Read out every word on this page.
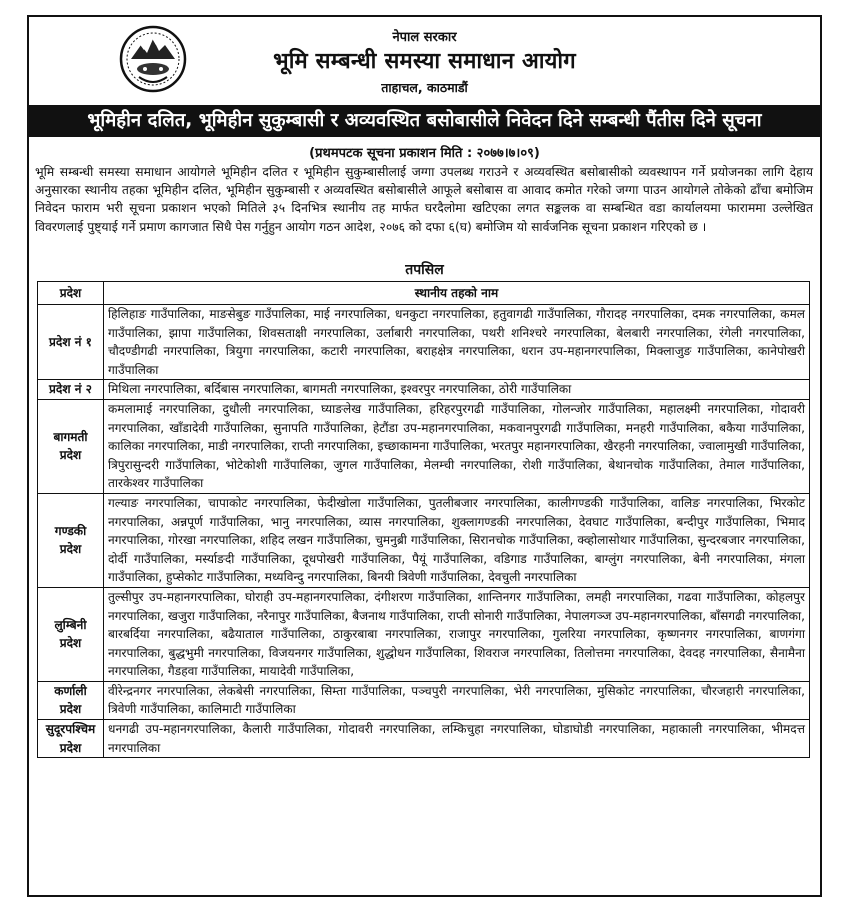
नेपाल सरकार
भूमि सम्बन्धी समस्या समाधान आयोग
ताहाचल, काठमाडौं
भूमिहीन दलित, भूमिहीन सुकुम्बासी र अव्यवस्थित बसोबासीले निवेदन दिने सम्बन्धी पैंतीस दिने सूचना
(प्रथमपटक सूचना प्रकाशन मिति : २०७७।७।०९)
भूमि सम्बन्धी समस्या समाधान आयोगले भूमिहीन दलित र भूमिहीन सुकुम्बासीलाई जग्गा उपलब्ध गराउने र अव्यवस्थित बसोबासीको व्यवस्थापन गर्ने प्रयोजनका लागि देहाय अनुसारका स्थानीय तहका भूमिहीन दलित, भूमिहीन सुकुम्बासी र अव्यवस्थित बसोबासीले आफूले बसोबास वा आवाद कमोत गरेको जग्गा पाउन आयोगले तोकेको ढाँचा बमोजिम निवेदन फाराम भरी सूचना प्रकाशन भएको मितिले ३५ दिनभित्र स्थानीय तह मार्फत घरदैलोमा खटिएका लगत सङ्कलक वा सम्बन्धित वडा कार्यालयमा फाराममा उल्लेखित विवरणलाई पुष्ट्याई गर्ने प्रमाण कागजात सिधै पेस गर्नुहुन आयोग गठन आदेश, २०७६ को दफा ६(घ) बमोजिम यो सार्वजनिक सूचना प्रकाशन गरिएको छ ।
तपसिल
प्रदेश	स्थानीय तहको नाम
प्रदेश नं १	हिलिहाङ गाउँपालिका, माङसेबुङ गाउँपालिका, माई नगरपालिका, धनकुटा नगरपालिका, हतुवागढी गाउँपालिका, गौरादह नगरपालिका, दमक नगरपालिका, कमल गाउँपालिका, झापा गाउँपालिका, शिवसताक्षी नगरपालिका, उर्लाबारी नगरपालिका, पथरी शनिश्चरे नगरपालिका, बेलबारी नगरपालिका, रंगेली नगरपालिका, चौदण्डीगढी नगरपालिका, त्रियुगा नगरपालिका, कटारी नगरपालिका, बराहक्षेत्र नगरपालिका, धरान उप-महानगरपालिका, मिक्लाजुङ गाउँपालिका, कानेपोखरी गाउँपालिका
प्रदेश नं २	मिथिला नगरपालिका, बर्दिबास नगरपालिका, बागमती नगरपालिका, इश्वरपुर नगरपालिका, ठोरी गाउँपालिका
बागमती प्रदेश	कमलामाई नगरपालिका, दुधौली नगरपालिका, घ्याङलेख गाउँपालिका, हरिहरपुरगढी गाउँपालिका, गोलन्जोर गाउँपालिका, महालक्ष्मी नगरपालिका, गोदावरी नगरपालिका, खाँडादेवी गाउँपालिका, सुनापति गाउँपालिका, हेटौंडा उप-महानगरपालिका, मकवानपुरगढी गाउँपालिका, मनहरी गाउँपालिका, बकैया गाउँपालिका, कालिका नगरपालिका, माडी नगरपालिका, राप्ती नगरपालिका, इच्छाकामना गाउँपालिका, भरतपुर महानगरपालिका, खैरहनी नगरपालिका, ज्वालामुखी गाउँपालिका, त्रिपुरासुन्दरी गाउँपालिका, भोटेकोशी गाउँपालिका, जुगल गाउँपालिका, मेलम्ची नगरपालिका, रोशी गाउँपालिका, बेथानचोक गाउँपालिका, तेमाल गाउँपालिका, तारकेश्वर गाउँपालिका
गण्डकी प्रदेश	गल्याङ नगरपालिका, चापाकोट नगरपालिका, फेदीखोला गाउँपालिका, पुतलीबजार नगरपालिका, कालीगण्डकी गाउँपालिका, वालिङ नगरपालिका, भिरकोट नगरपालिका, अन्नपूर्ण गाउँपालिका, भानु नगरपालिका, व्यास नगरपालिका, शुक्लागण्डकी नगरपालिका, देवघाट गाउँपालिका, बन्दीपुर गाउँपालिका, भिमाद नगरपालिका, गोरखा नगरपालिका, शहिद लखन गाउँपालिका, चुमनुब्री गाउँपालिका, सिरानचोक गाउँपालिका, क्व्होलासोथार गाउँपालिका, सुन्दरबजार नगरपालिका, दोर्दी गाउँपालिका, मर्स्याङदी गाउँपालिका, दूधपोखरी गाउँपालिका, पैयूं गाउँपालिका, वडिगाड गाउँपालिका, बाग्लुंग नगरपालिका, बेनी नगरपालिका, मंगला गाउँपालिका, हुप्सेकोट गाउँपालिका, मध्यविन्दु नगरपालिका, बिनयी त्रिवेणी गाउँपालिका, देवचुली नगरपालिका
लुम्बिनी प्रदेश	तुल्सीपुर उप-महानगरपालिका, घोराही उप-महानगरपालिका, दंगीशरण गाउँपालिका, शान्तिनगर गाउँपालिका, लमही नगरपालिका, गढवा गाउँपालिका, कोहलपुर नगरपालिका, खजुरा गाउँपालिका, नरैनापुर गाउँपालिका, बैजनाथ गाउँपालिका, राप्ती सोनारी गाउँपालिका, नेपालगञ्ज उप-महानगरपालिका, बाँसगढी नगरपालिका, बारबर्दिया नगरपालिका, बढैयाताल गाउँपालिका, ठाकुरबाबा नगरपालिका, राजापुर नगरपालिका, गुलरिया नगरपालिका, कृष्णनगर नगरपालिका, बाणगंगा नगरपालिका, बुद्धभुमी नगरपालिका, विजयनगर गाउँपालिका, शुद्धोधन गाउँपालिका, शिवराज नगरपालिका, तिलोत्तमा नगरपालिका, देवदह नगरपालिका, सैनामैना नगरपालिका, गैडहवा गाउँपालिका, मायादेवी गाउँपालिका,
कर्णाली प्रदेश	वीरेन्द्रनगर नगरपालिका, लेकबेसी नगरपालिका, सिम्ता गाउँपालिका, पञ्चपुरी नगरपालिका, भेरी नगरपालिका, मुसिकोट नगरपालिका, चौरजहारी नगरपालिका, त्रिवेणी गाउँपालिका, कालिमाटी गाउँपालिका
सुदूरपश्चिम प्रदेश	धनगढी उप-महानगरपालिका, कैलारी गाउँपालिका, गोदावरी नगरपालिका, लम्किचुहा नगरपालिका, घोडाघोडी नगरपालिका, महाकाली नगरपालिका, भीमदत्त नगरपालिका
